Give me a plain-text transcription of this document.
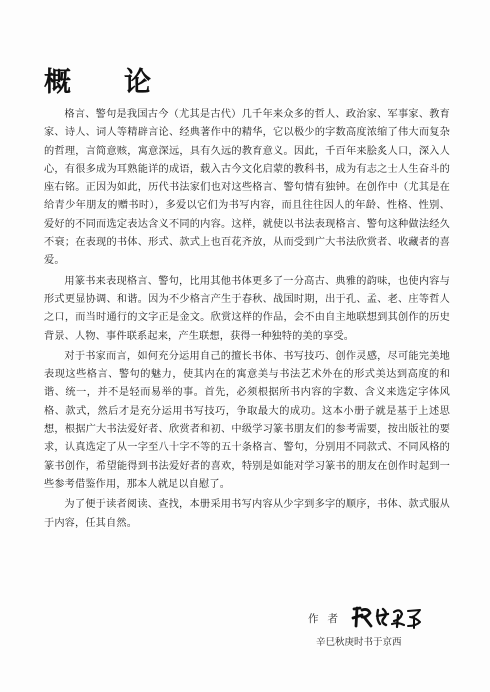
概 论

格言、警句是我国古今（尤其是古代）几千年来众多的哲人、政治家、军事家、教育家、诗人、词人等精辟言论、经典著作中的精华，它以极少的字数高度浓缩了伟大而复杂的哲理，言简意赅，寓意深远，具有久远的教育意义。因此，千百年来脍炙人口，深入人心，有很多成为耳熟能详的成语，载入古今文化启蒙的教科书，成为有志之士人生奋斗的座右铭。正因为如此，历代书法家们也对这些格言、警句情有独钟。在创作中（尤其是在给青少年朋友的赠书时），多爱以它们为书写内容，而且往往因人的年龄、性格、性别、爱好的不同而选定表达含义不同的内容。这样，就使以书法表现格言、警句这种做法经久不衰；在表现的书体、形式、款式上也百花齐放，从而受到广大书法欣赏者、收藏者的喜爱。

用篆书来表现格言、警句，比用其他书体更多了一分高古、典雅的韵味，也使内容与形式更显协调、和谐。因为不少格言产生于春秋、战国时期，出于孔、孟、老、庄等哲人之口，而当时通行的文字正是金文。欣赏这样的作品，会不由自主地联想到其创作的历史背景、人物、事件联系起来，产生联想，获得一种独特的美的享受。

对于书家而言，如何充分运用自己的擅长书体、书写技巧、创作灵感，尽可能完美地表现这些格言、警句的魅力，使其内在的寓意美与书法艺术外在的形式美达到高度的和谐、统一，并不是轻而易举的事。首先，必须根据所书内容的字数、含义来选定字体风格、款式，然后才是充分运用书写技巧，争取最大的成功。这本小册子就是基于上述思想，根据广大书法爱好者、欣赏者和初、中级学习篆书朋友们的参考需要，按出版社的要求，认真选定了从一字至八十字不等的五十条格言、警句，分别用不同款式、不同风格的篆书创作，希望能得到书法爱好者的喜欢，特别是如能对学习篆书的朋友在创作时起到一些参考借鉴作用，那本人就足以自慰了。

为了便于读者阅读、查找，本册采用书写内容从少字到多字的顺序，书体、款式服从于内容，任其自然。

作者
辛巳秋庚时书于京西
